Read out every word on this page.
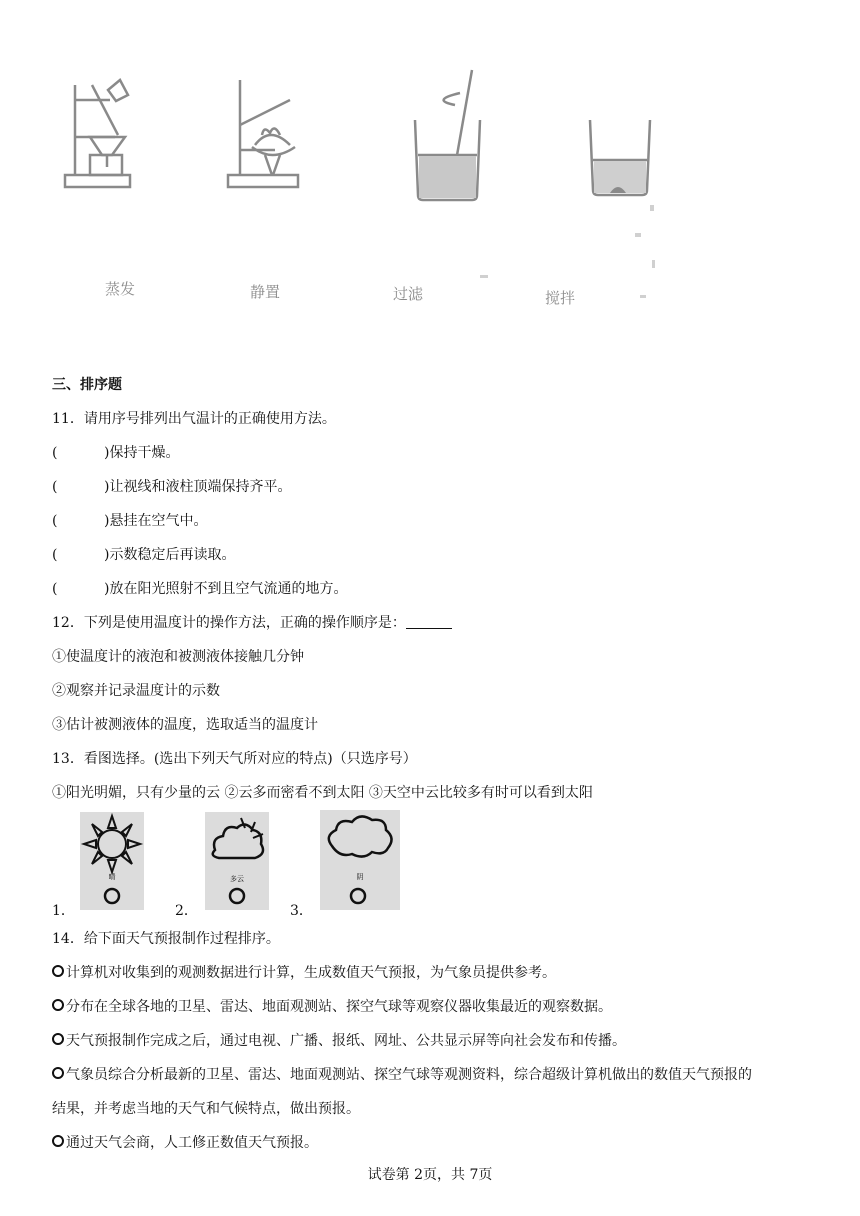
蒸发	静置	过滤	搅拌
三、排序题
11．请用序号排列出气温计的正确使用方法。
(	)保持干燥。
(	)让视线和液柱顶端保持齐平。
(	)悬挂在空气中。
(	)示数稳定后再读取。
(	)放在阳光照射不到且空气流通的地方。
12．下列是使用温度计的操作方法，正确的操作顺序是：
①使温度计的液泡和被测液体接触几分钟
②观察并记录温度计的示数
③估计被测液体的温度，选取适当的温度计
13．看图选择。(选出下列天气所对应的特点)（只选序号）
①阳光明媚，只有少量的云 ②云多而密看不到太阳 ③天空中云比较多有时可以看到太阳
1．
晴
2．
多云
3．
阴
14．给下面天气预报制作过程排序。
计算机对收集到的观测数据进行计算，生成数值天气预报，为气象员提供参考。
分布在全球各地的卫星、雷达、地面观测站、探空气球等观察仪器收集最近的观察数据。
天气预报制作完成之后，通过电视、广播、报纸、网址、公共显示屏等向社会发布和传播。
气象员综合分析最新的卫星、雷达、地面观测站、探空气球等观测资料，综合超级计算机做出的数值天气预报的
结果，并考虑当地的天气和气候特点，做出预报。
通过天气会商，人工修正数值天气预报。
试卷第 2页，共 7页
